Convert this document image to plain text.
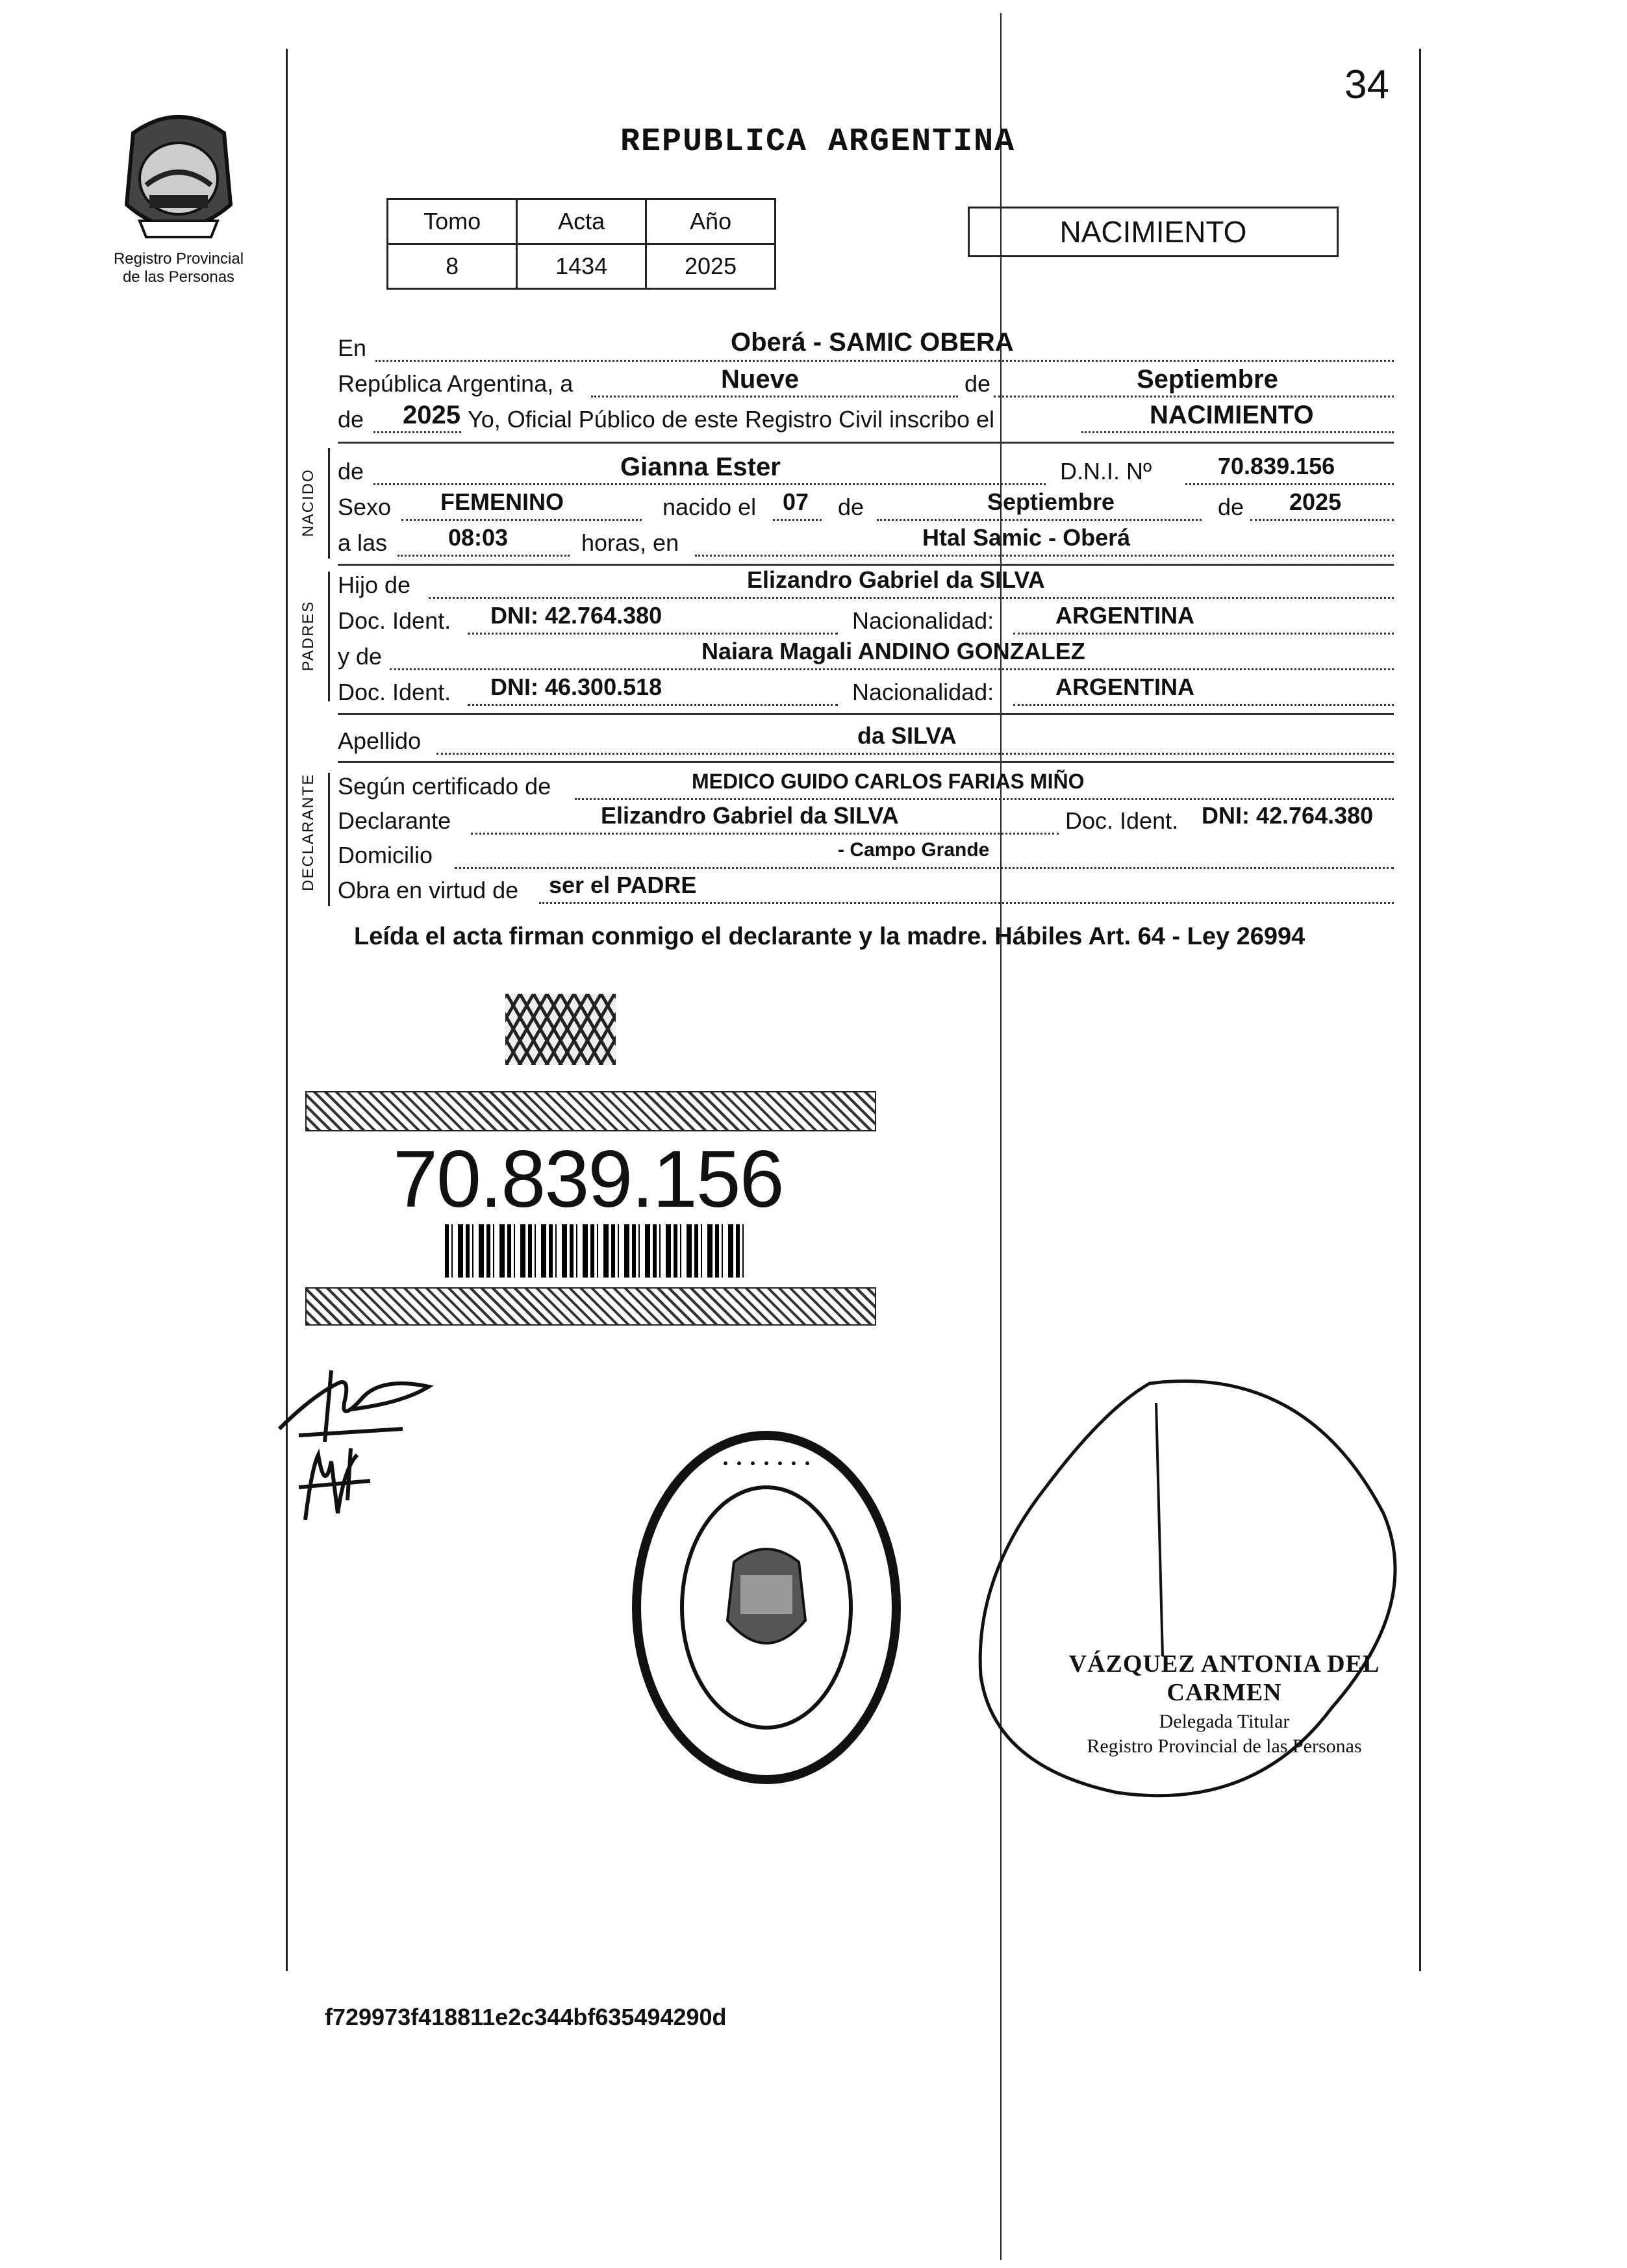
34
Registro Provincial
de las Personas
REPUBLICA ARGENTINA
Tomo	Acta	Año
8	1434	2025
NACIMIENTO
En	Oberá - SAMIC OBERA
República Argentina, a	Nueve	de	Septiembre
de 2025 Yo, Oficial Público de este Registro Civil inscribo el	NACIMIENTO
NACIDO de	Gianna Ester	D.N.I. Nº	70.839.156
Sexo FEMENINO	nacido el 07 de	Septiembre	de 2025
a las	08:03	horas, en	Htal Samic - Oberá
PADRES
Hijo de	Elizandro Gabriel da SILVA
Doc. Ident. DNI: 42.764.380	Nacionalidad:	ARGENTINA
y de	Naiara Magali ANDINO GONZALEZ
Doc. Ident. DNI: 46.300.518	Nacionalidad:	ARGENTINA
Apellido	da SILVA
DECLARANTE Según certificado de	MEDICO GUIDO CARLOS FARIAS MIÑO
Declarante	Elizandro Gabriel da SILVA	Doc. Ident. DNI: 42.764.380
Domicilio	- Campo Grande
Obra en virtud de ser el PADRE
Leída el acta firman conmigo el declarante y la madre. Hábiles Art. 64 - Ley 26994
70.839.156
· · · · · · ·
VÁZQUEZ ANTONIA DEL CARMEN
Delegada Titular
Registro Provincial de las Personas
f729973f418811e2c344bf635494290d
